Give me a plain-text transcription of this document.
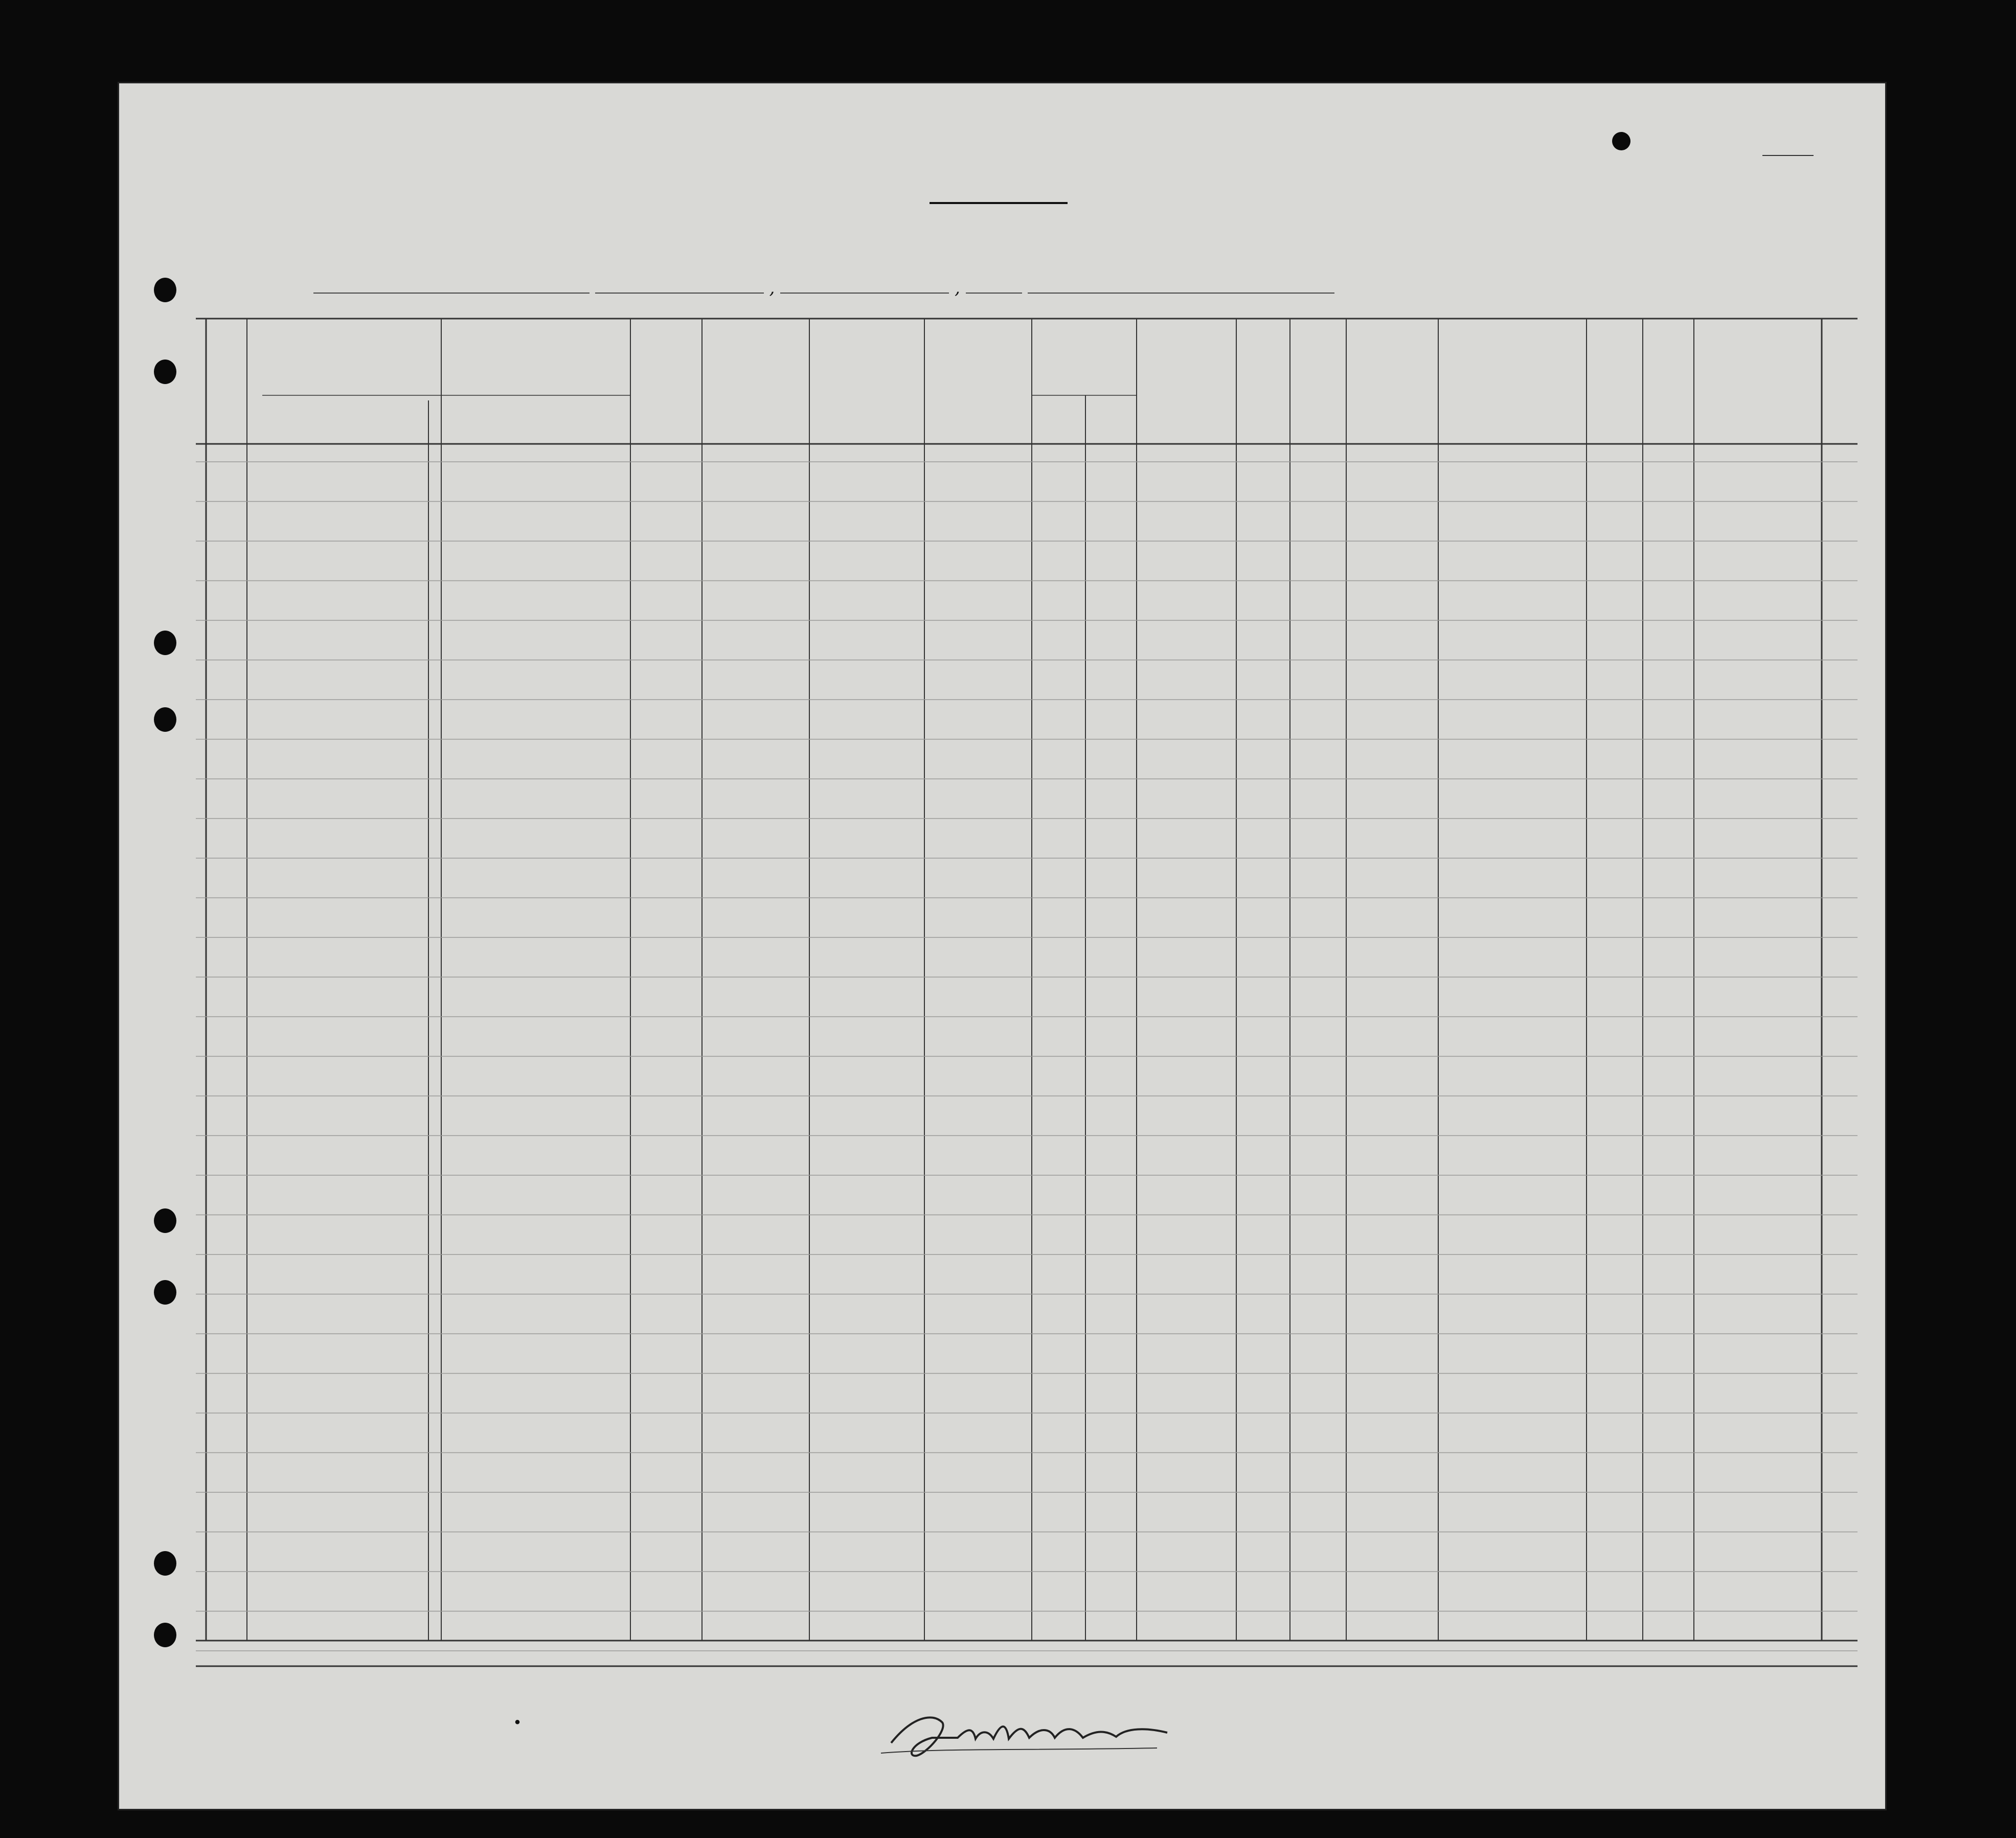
,	,
•
